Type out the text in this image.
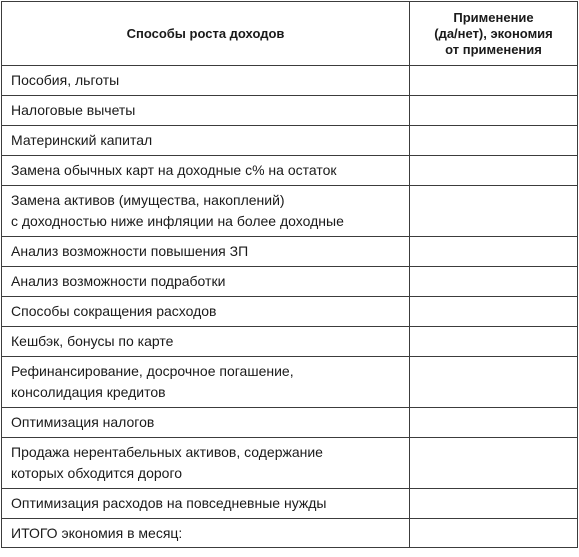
Способы роста доходов	Применение
(да/нет), экономия
от применения

Пособия, льготы	

Налоговые вычеты	

Материнский капитал	

Замена обычных карт на доходные с% на остаток	

Замена активов (имущества, накоплений)
с доходностью ниже инфляции на более доходные	

Анализ возможности повышения ЗП	

Анализ возможности подработки	

Способы сокращения расходов	

Кешбэк, бонусы по карте	

Рефинансирование, досрочное погашение,
консолидация кредитов	

Оптимизация налогов	

Продажа нерентабельных активов, содержание
которых обходится дорого	

Оптимизация расходов на повседневные нужды	

ИТОГО экономия в месяц:	
